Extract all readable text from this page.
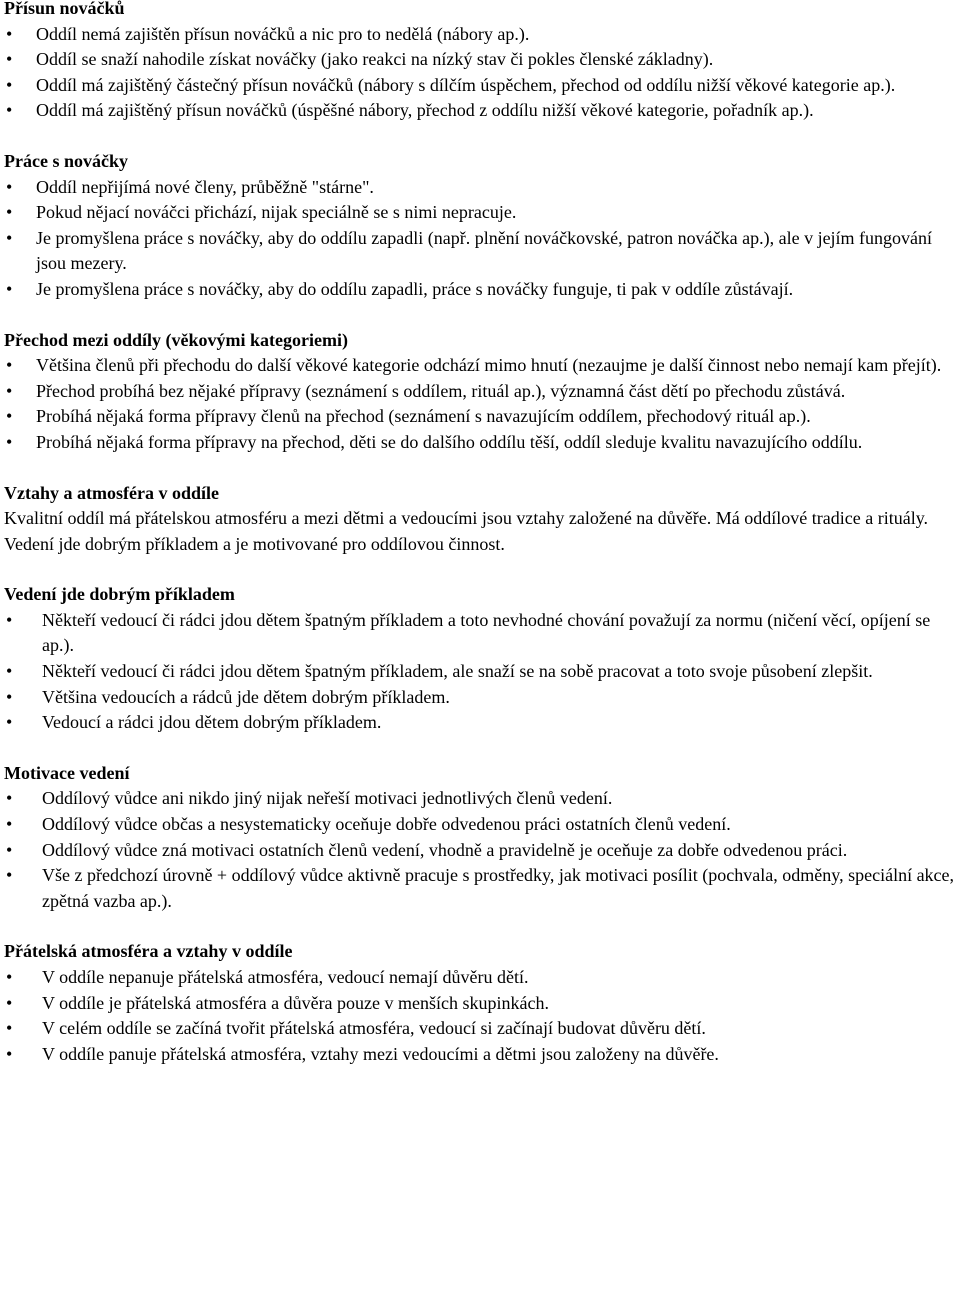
Přísun nováčků
• Oddíl nemá zajištěn přísun nováčků a nic pro to nedělá (nábory ap.).
• Oddíl se snaží nahodile získat nováčky (jako reakci na nízký stav či pokles členské základny).
• Oddíl má zajištěný částečný přísun nováčků (nábory s dílčím úspěchem, přechod od oddílu nižší věkové kategorie ap.).
• Oddíl má zajištěný přísun nováčků (úspěšné nábory, přechod z oddílu nižší věkové kategorie, pořadník ap.).
Práce s nováčky
• Oddíl nepřijímá nové členy, průběžně "stárne".
• Pokud nějací nováčci přichází, nijak speciálně se s nimi nepracuje.
• Je promyšlena práce s nováčky, aby do oddílu zapadli (např. plnění nováčkovské, patron nováčka ap.), ale v jejím fungování jsou mezery.
• Je promyšlena práce s nováčky, aby do oddílu zapadli, práce s nováčky funguje, ti pak v oddíle zůstávají.
Přechod mezi oddíly (věkovými kategoriemi)
• Většina členů při přechodu do další věkové kategorie odchází mimo hnutí (nezaujme je další činnost nebo nemají kam přejít).
• Přechod probíhá bez nějaké přípravy (seznámení s oddílem, rituál ap.), významná část dětí po přechodu zůstává.
• Probíhá nějaká forma přípravy členů na přechod (seznámení s navazujícím oddílem, přechodový rituál ap.).
• Probíhá nějaká forma přípravy na přechod, děti se do dalšího oddílu těší, oddíl sleduje kvalitu navazujícího oddílu.
Vztahy a atmosféra v oddíle

Kvalitní oddíl má přátelskou atmosféru a mezi dětmi a vedoucími jsou vztahy založené na důvěře. Má oddílové tradice a rituály. Vedení jde dobrým příkladem a je motivované pro oddílovou činnost.

Vedení jde dobrým příkladem
• Někteří vedoucí či rádci jdou dětem špatným příkladem a toto nevhodné chování považují za normu (ničení věcí, opíjení se ap.).
• Někteří vedoucí či rádci jdou dětem špatným příkladem, ale snaží se na sobě pracovat a toto svoje působení zlepšit.
• Většina vedoucích a rádců jde dětem dobrým příkladem.
• Vedoucí a rádci jdou dětem dobrým příkladem.
Motivace vedení
• Oddílový vůdce ani nikdo jiný nijak neřeší motivaci jednotlivých členů vedení.
• Oddílový vůdce občas a nesystematicky oceňuje dobře odvedenou práci ostatních členů vedení.
• Oddílový vůdce zná motivaci ostatních členů vedení, vhodně a pravidelně je oceňuje za dobře odvedenou práci.
• Vše z předchozí úrovně + oddílový vůdce aktivně pracuje s prostředky, jak motivaci posílit (pochvala, odměny, speciální akce, zpětná vazba ap.).
Přátelská atmosféra a vztahy v oddíle
• V oddíle nepanuje přátelská atmosféra, vedoucí nemají důvěru dětí.
• V oddíle je přátelská atmosféra a důvěra pouze v menších skupinkách.
• V celém oddíle se začíná tvořit přátelská atmosféra, vedoucí si začínají budovat důvěru dětí.
• V oddíle panuje přátelská atmosféra, vztahy mezi vedoucími a dětmi jsou založeny na důvěře.
